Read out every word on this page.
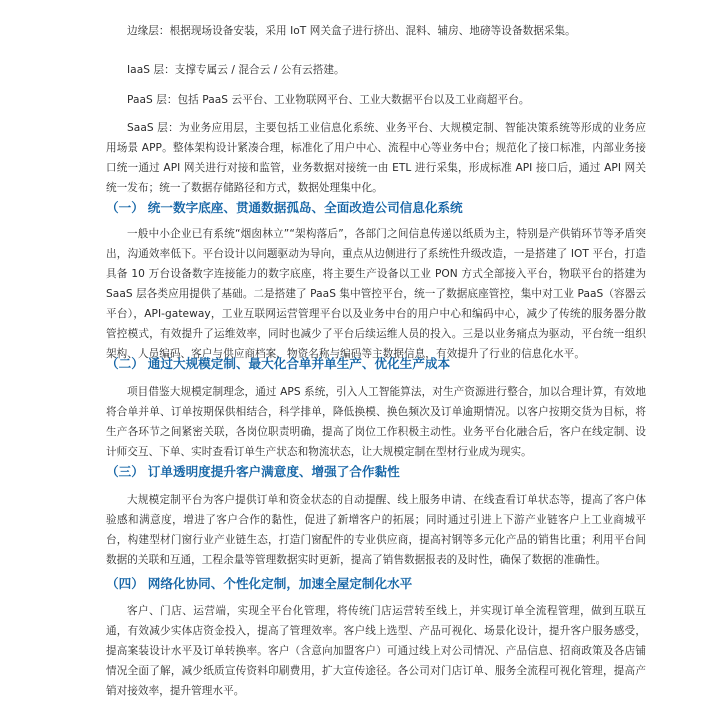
边缘层：根据现场设备安装，采用 IoT 网关盒子进行挤出、混料、辅房、地磅等设备数据采集。

IaaS 层：支撑专属云 / 混合云 / 公有云搭建。

PaaS 层：包括 PaaS 云平台、工业物联网平台、工业大数据平台以及工业商超平台。

SaaS 层：为业务应用层，主要包括工业信息化系统、业务平台、大规模定制、智能决策系统等形成的业务应用场景 APP。整体架构设计紧凑合理，标准化了用户中心、流程中心等业务中台；规范化了接口标准，内部业务接口统一通过 API 网关进行对接和监管，业务数据对接统一由 ETL 进行采集，形成标准 API 接口后，通过 API 网关统一发布；统一了数据存储路径和方式，数据处理集中化。

（一） 统一数字底座、贯通数据孤岛、全面改造公司信息化系统

一般中小企业已有系统“烟囱林立”“架构落后”，各部门之间信息传递以纸质为主，特别是产供销环节等矛盾突出，沟通效率低下。平台设计以问题驱动为导向，重点从边侧进行了系统性升级改造，一是搭建了 IOT 平台，打造具备 10 万台设备数字连接能力的数字底座，将主要生产设备以工业 PON 方式全部接入平台，物联平台的搭建为 SaaS 层各类应用提供了基础。二是搭建了 PaaS 集中管控平台，统一了数据底座管控，集中对工业 PaaS（容器云平台），API-gateway，工业互联网运营管理平台以及业务中台的用户中心和编码中心，减少了传统的服务器分散管控模式，有效提升了运维效率，同时也减少了平台后续运维人员的投入。三是以业务痛点为驱动，平台统一组织架构、人员编码、客户与供应商档案、物资名称与编码等主数据信息，有效提升了行业的信息化水平。

（二） 通过大规模定制、最大化合单并单生产、优化生产成本

项目借鉴大规模定制理念，通过 APS 系统，引入人工智能算法，对生产资源进行整合，加以合理计算，有效地将合单并单、订单按期保供相结合，科学排单，降低换模、换色频次及订单逾期情况。以客户按期交货为目标，将生产各环节之间紧密关联，各岗位职责明确，提高了岗位工作积极主动性。业务平台化融合后，客户在线定制、设计师交互、下单、实时查看订单生产状态和物流状态，让大规模定制在型材行业成为现实。

（三） 订单透明度提升客户满意度、增强了合作黏性

大规模定制平台为客户提供订单和资金状态的自动提醒、线上服务申请、在线查看订单状态等，提高了客户体验感和满意度，增进了客户合作的黏性，促进了新增客户的拓展；同时通过引进上下游产业链客户上工业商城平台，构建型材门窗行业产业链生态，打造门窗配件的专业供应商，提高衬钢等多元化产品的销售比重；利用平台间数据的关联和互通，工程余量等管理数据实时更新，提高了销售数据报表的及时性，确保了数据的准确性。

（四） 网络化协同、个性化定制，加速全屋定制化水平

客户、门店、运营端，实现全平台化管理，将传统门店运营转至线上，并实现订单全流程管理，做到互联互通，有效减少实体店资金投入，提高了管理效率。客户线上选型、产品可视化、场景化设计，提升客户服务感受，提高案装设计水平及订单转换率。客户（含意向加盟客户）可通过线上对公司情况、产品信息、招商政策及各店铺情况全面了解，减少纸质宣传资料印刷费用，扩大宣传途径。各公司对门店订单、服务全流程可视化管理，提高产销对接效率，提升管理水平。
